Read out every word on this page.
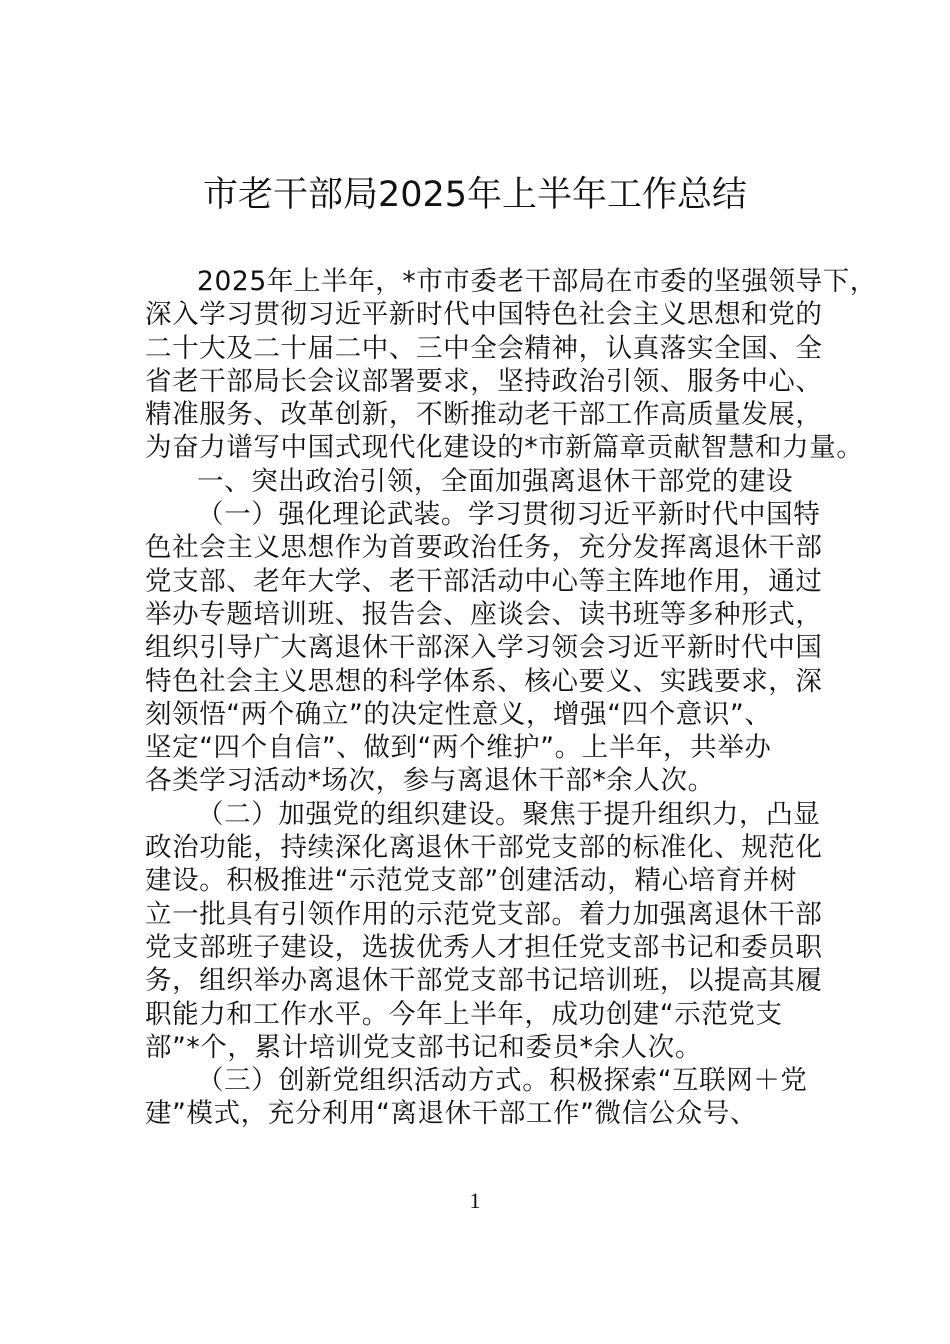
市老干部局2025年上半年工作总结
2025年上半年，*市市委老干部局在市委的坚强领导下，
深入学习贯彻习近平新时代中国特色社会主义思想和党的
二十大及二十届二中、三中全会精神，认真落实全国、全
省老干部局长会议部署要求，坚持政治引领、服务中心、
精准服务、改革创新，不断推动老干部工作高质量发展，
为奋力谱写中国式现代化建设的*市新篇章贡献智慧和力量。
一、突出政治引领，全面加强离退休干部党的建设
（一）强化理论武装。学习贯彻习近平新时代中国特
色社会主义思想作为首要政治任务，充分发挥离退休干部
党支部、老年大学、老干部活动中心等主阵地作用，通过
举办专题培训班、报告会、座谈会、读书班等多种形式，
组织引导广大离退休干部深入学习领会习近平新时代中国
特色社会主义思想的科学体系、核心要义、实践要求，深
刻领悟“两个确立”的决定性意义，增强“四个意识”、
坚定“四个自信”、做到“两个维护”。上半年，共举办
各类学习活动*场次，参与离退休干部*余人次。
（二）加强党的组织建设。聚焦于提升组织力，凸显
政治功能，持续深化离退休干部党支部的标准化、规范化
建设。积极推进“示范党支部”创建活动，精心培育并树
立一批具有引领作用的示范党支部。着力加强离退休干部
党支部班子建设，选拔优秀人才担任党支部书记和委员职
务，组织举办离退休干部党支部书记培训班，以提高其履
职能力和工作水平。今年上半年，成功创建“示范党支
部”*个，累计培训党支部书记和委员*余人次。
（三）创新党组织活动方式。积极探索“互联网＋党
建”模式，充分利用“离退休干部工作”微信公众号、
1
